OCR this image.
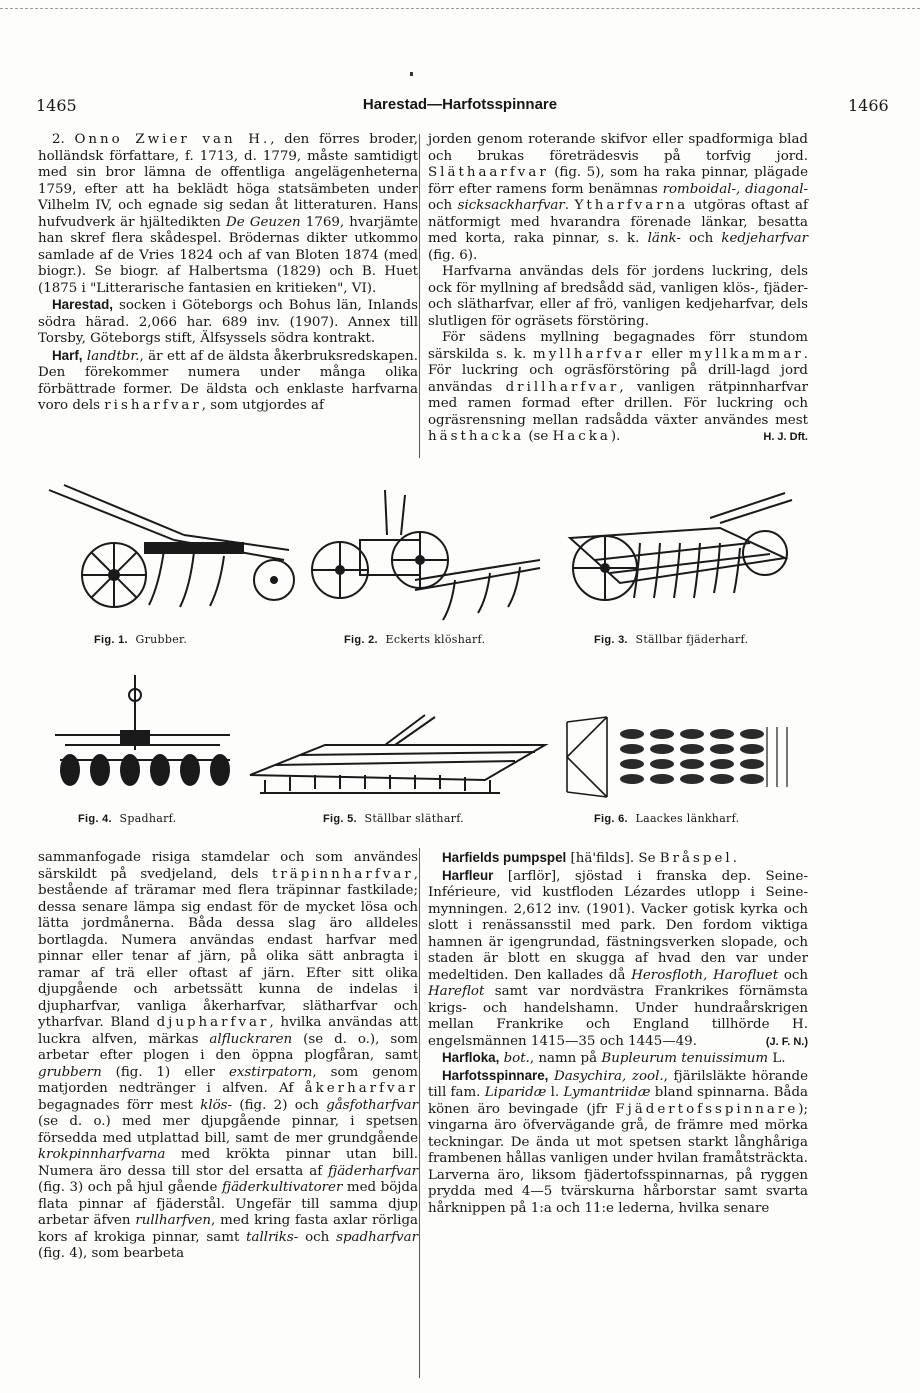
1465	Harestad—Harfotsspinnare	1466

2. Onno Zwier van H., den förres broder, holländsk författare, f. 1713, d. 1779, måste samtidigt med sin bror lämna de offentliga angelägenheterna 1759, efter att ha beklädt höga statsämbeten under Vilhelm IV, och egnade sig sedan åt litteraturen. Hans hufvudverk är hjältedikten De Geuzen 1769, hvarjämte han skref flera skådespel. Brödernas dikter utkommo samlade af de Vries 1824 och af van Bloten 1874 (med biogr.). Se biogr. af Halbertsma (1829) och B. Huet (1875 i "Litterarische fantasien en kritieken", VI).

Harestad, socken i Göteborgs och Bohus län, Inlands södra härad. 2,066 har. 689 inv. (1907). Annex till Torsby, Göteborgs stift, Älfsyssels södra kontrakt.

Harf, landtbr., är ett af de äldsta åkerbruksredskapen. Den förekommer numera under många olika förbättrade former. De äldsta och enklaste harfvarna voro dels risharfvar, som utgjordes af

jorden genom roterande skifvor eller spadformiga blad och brukas företrädesvis på torfvig jord. Släthaarfvar (fig. 5), som ha raka pinnar, plägade förr efter ramens form benämnas romboidal-, diagonal- och sicksackharfvar. Ytharfvarna utgöras oftast af nätformigt med hvarandra förenade länkar, besatta med korta, raka pinnar, s. k. länk- och kedjeharfvar (fig. 6).

Harfvarna användas dels för jordens luckring, dels ock för myllning af bredsådd säd, vanligen klös-, fjäder- och slätharfvar, eller af frö, vanligen kedjeharfvar, dels slutligen för ogräsets förstöring.

För sädens myllning begagnades förr stundom särskilda s. k. myllharfvar eller myllkammar. För luckring och ogräsförstöring på drill-lagd jord användas drillharfvar, vanligen rätpinnharfvar med ramen formad efter drillen. För luckring och ogräsrensning mellan radsådda växter användes mest hästhacka (se Hacka).	H. J. Dft.

Fig. 1. Grubber.	Fig. 2. Eckerts klösharf.	Fig. 3. Ställbar fjäderharf.
Fig. 4. Spadharf.	Fig. 5. Ställbar slätharf.	Fig. 6. Laackes länkharf.

sammanfogade risiga stamdelar och som användes särskildt på svedjeland, dels träpinnharfvar, bestående af träramar med flera träpinnar fastkilade; dessa senare lämpa sig endast för de mycket lösa och lätta jordmånerna. Båda dessa slag äro alldeles bortlagda. Numera användas endast harfvar med pinnar eller tenar af järn, på olika sätt anbragta i ramar af trä eller oftast af järn. Efter sitt olika djupgående och arbetssätt kunna de indelas i djupharfvar, vanliga åkerharfvar, slätharfvar och ytharfvar. Bland djupharfvar, hvilka användas att luckra alfven, märkas alfluckraren (se d. o.), som arbetar efter plogen i den öppna plogfåran, samt grubbern (fig. 1) eller exstirpatorn, som genom matjorden nedtränger i alfven. Af åkerharfvar begagnades förr mest klös- (fig. 2) och gåsfotharfvar (se d. o.) med mer djupgående pinnar, i spetsen försedda med utplattad bill, samt de mer grundgående krokpinnharfvarna med krökta pinnar utan bill. Numera äro dessa till stor del ersatta af fjäderharfvar (fig. 3) och på hjul gående fjäderkultivatorer med böjda flata pinnar af fjäderstål. Ungefär till samma djup arbetar äfven rullharfven, med kring fasta axlar rörliga kors af krokiga pinnar, samt tallriks- och spadharfvar (fig. 4), som bearbeta

Harfields pumpspel [hä'filds]. Se Bråspel.

Harfleur [arflör], sjöstad i franska dep. Seine-Inférieure, vid kustfloden Lézardes utlopp i Seine-mynningen. 2,612 inv. (1901). Vacker gotisk kyrka och slott i renässansstil med park. Den fordom viktiga hamnen är igengrundad, fästningsverken slopade, och staden är blott en skugga af hvad den var under medeltiden. Den kallades då Herosfloth, Harofluet och Hareflot samt var nordvästra Frankrikes förnämsta krigs- och handelshamn. Under hundraårskrigen mellan Frankrike och England tillhörde H. engelsmännen 1415—35 och 1445—49.	(J. F. N.)

Harfloka, bot., namn på Bupleurum tenuissimum L.

Harfotsspinnare, Dasychira, zool., fjärilsläkte hörande till fam. Liparidæ l. Lymantriidæ bland spinnarna. Båda könen äro bevingade (jfr Fjädertofsspinnare); vingarna äro öfvervägande grå, de främre med mörka teckningar. De ända ut mot spetsen starkt långhåriga frambenen hållas vanligen under hvilan framåtsträckta. Larverna äro, liksom fjädertofsspinnarnas, på ryggen prydda med 4—5 tvärskurna hårborstar samt svarta hårknippen på 1:a och 11:e lederna, hvilka senare
